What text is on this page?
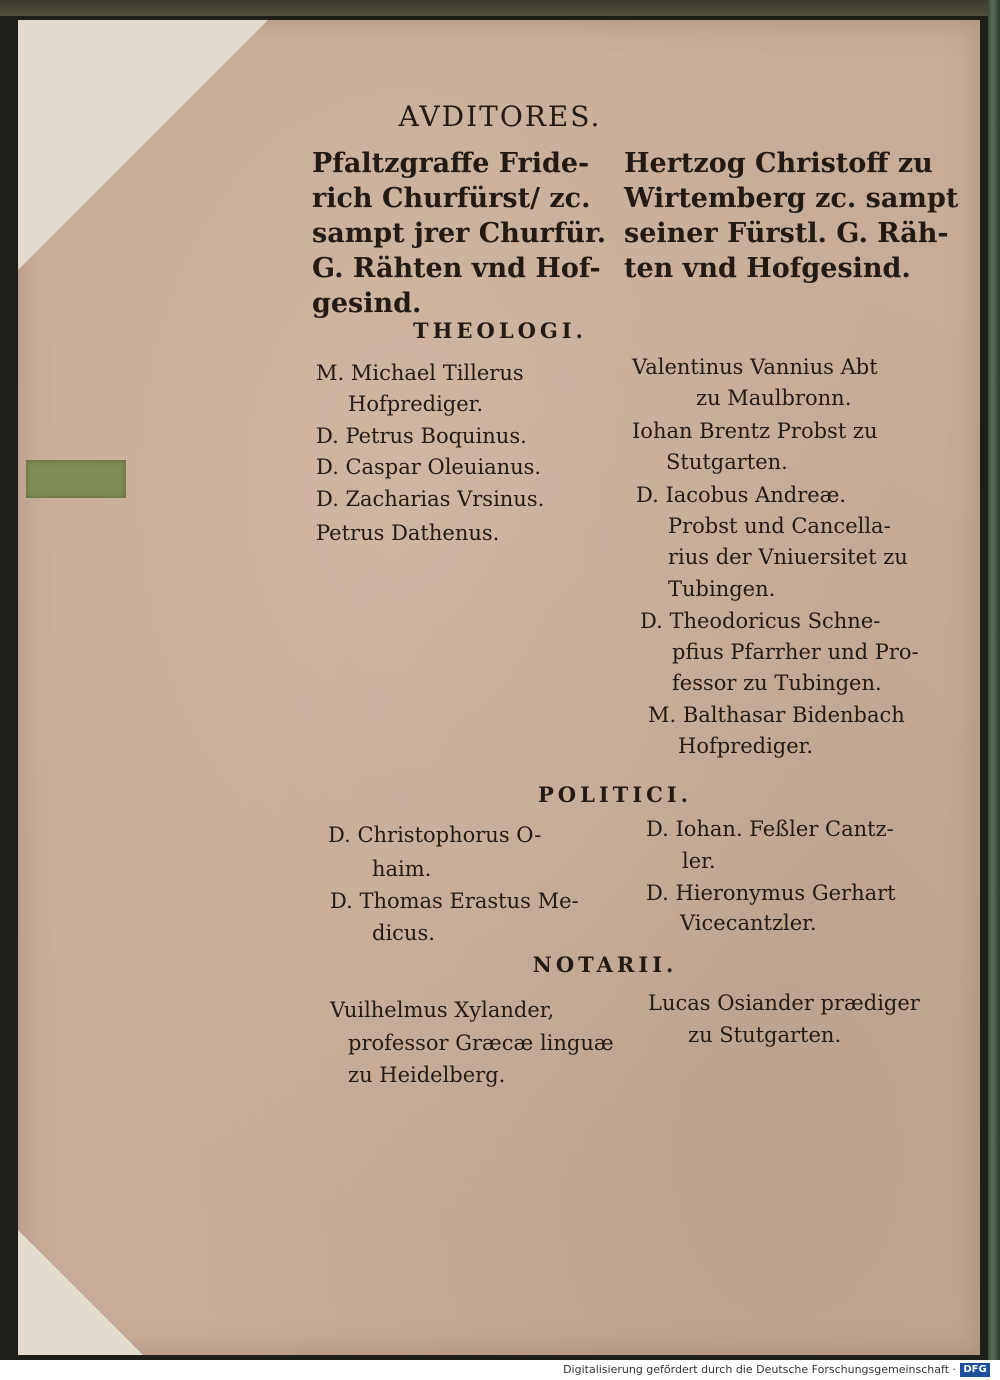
AVDITORES.
Pfaltzgraffe Fride-
rich Churfürst/ zc.
sampt jrer Churfür.
G. Rähten vnd Hof-
gesind.
Hertzog Christoff zu
Wirtemberg zc. sampt
seiner Fürstl. G. Räh-
ten vnd Hofgesind.
THEOLOGI.
M. Michael Tillerus
Hofprediger.
D. Petrus Boquinus.
D. Caspar Oleuianus.
D. Zacharias Vrsinus.
Petrus Dathenus.
Valentinus Vannius Abt
zu Maulbronn.
Iohan Brentz Probst zu
Stutgarten.
D. Iacobus Andreæ.
Probst und Cancella-
rius der Vniuersitet zu
Tubingen.
D. Theodoricus Schne-
pfius Pfarrher und Pro-
fessor zu Tubingen.
M. Balthasar Bidenbach
Hofprediger.
POLITICI.
D. Christophorus O-
haim.
D. Thomas Erastus Me-
dicus.
D. Iohan. Feßler Cantz-
ler.
D. Hieronymus Gerhart
Vicecantzler.
NOTARII.
Vuilhelmus Xylander,
professor Græcæ linguæ
zu Heidelberg.
Lucas Osiander prædiger
zu Stutgarten.
Digitalisierung gefördert durch die Deutsche Forschungsgemeinschaft · DFG
